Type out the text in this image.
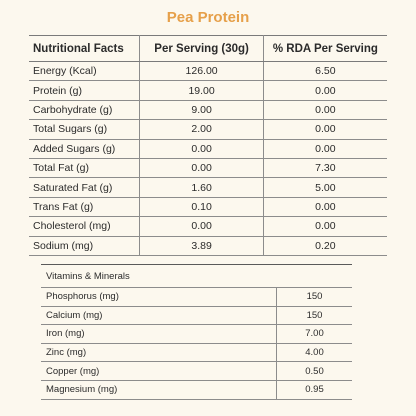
Pea Protein
Nutritional Facts	Per Serving (30g)	% RDA Per Serving
Energy (Kcal)	126.00	6.50
Protein (g)	19.00	0.00
Carbohydrate (g)	9.00	0.00
Total Sugars (g)	2.00	0.00
Added Sugars (g)	0.00	0.00
Total Fat (g)	0.00	7.30
Saturated Fat (g)	1.60	5.00
Trans Fat (g)	0.10	0.00
Cholesterol (mg)	0.00	0.00
Sodium (mg)	3.89	0.20
Vitamins & Minerals	
Phosphorus (mg)	150
Calcium (mg)	150
Iron (mg)	7.00
Zinc (mg)	4.00
Copper (mg)	0.50
Magnesium (mg)	0.95
